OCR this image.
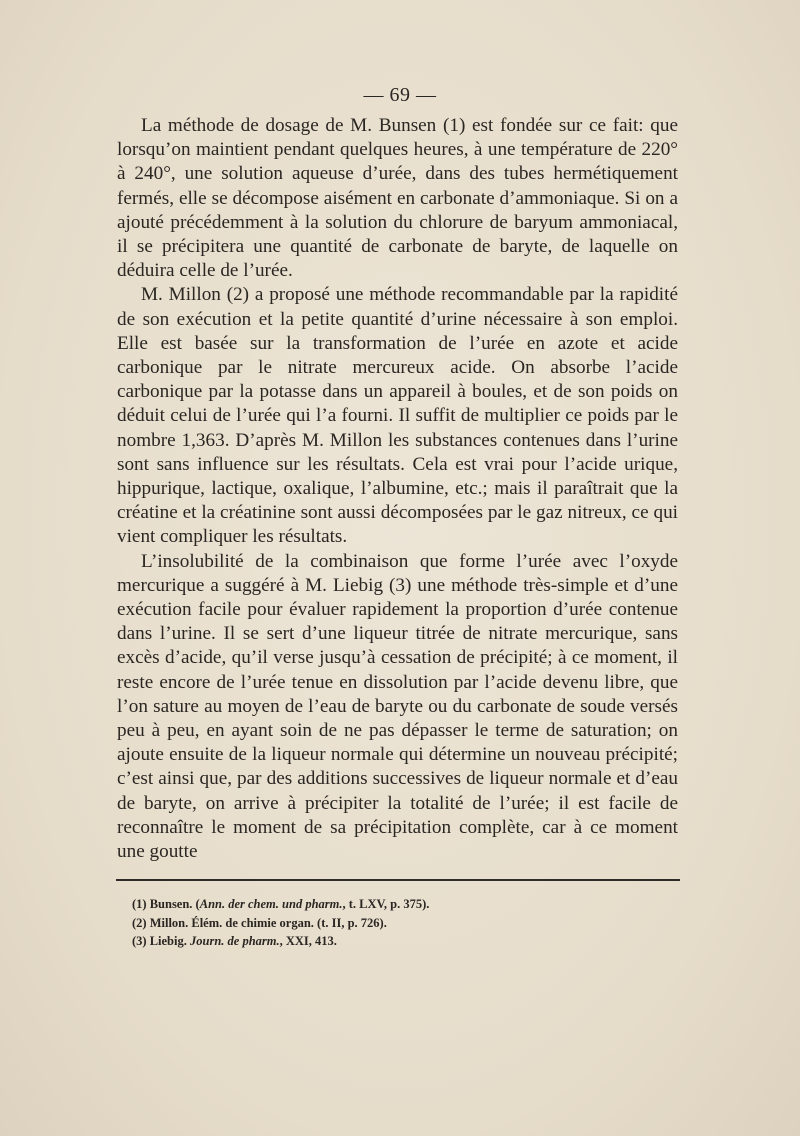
— 69 —

La méthode de dosage de M. Bunsen (1) est fondée sur ce fait: que lorsqu’on maintient pendant quelques heures, à une température de 220° à 240°, une solution aqueuse d’urée, dans des tubes hermétiquement fermés, elle se décompose aisément en carbonate d’ammoniaque. Si on a ajouté précédemment à la solution du chlorure de baryum ammoniacal, il se précipitera une quantité de carbonate de baryte, de laquelle on déduira celle de l’urée.

M. Millon (2) a proposé une méthode recommandable par la rapidité de son exécution et la petite quantité d’urine nécessaire à son emploi. Elle est basée sur la transformation de l’urée en azote et acide carbonique par le nitrate mercureux acide. On absorbe l’acide carbonique par la potasse dans un appareil à boules, et de son poids on déduit celui de l’urée qui l’a fourni. Il suffit de multiplier ce poids par le nombre 1,363. D’après M. Millon les substances contenues dans l’urine sont sans influence sur les résultats. Cela est vrai pour l’acide urique, hippurique, lactique, oxalique, l’albumine, etc.; mais il paraîtrait que la créatine et la créatinine sont aussi décomposées par le gaz nitreux, ce qui vient compliquer les résultats.

L’insolubilité de la combinaison que forme l’urée avec l’oxyde mercurique a suggéré à M. Liebig (3) une méthode très-simple et d’une exécution facile pour évaluer rapidement la proportion d’urée contenue dans l’urine. Il se sert d’une liqueur titrée de nitrate mercurique, sans excès d’acide, qu’il verse jusqu’à cessation de précipité; à ce moment, il reste encore de l’urée tenue en dissolution par l’acide devenu libre, que l’on sature au moyen de l’eau de baryte ou du carbonate de soude versés peu à peu, en ayant soin de ne pas dépasser le terme de saturation; on ajoute ensuite de la liqueur normale qui détermine un nouveau précipité; c’est ainsi que, par des additions successives de liqueur normale et d’eau de baryte, on arrive à précipiter la totalité de l’urée; il est facile de reconnaître le moment de sa précipitation complète, car à ce moment une goutte

(1) Bunsen. (Ann. der chem. und pharm., t. LXV, p. 375).
(2) Millon. Élém. de chimie organ. (t. II, p. 726).
(3) Liebig. Journ. de pharm., XXI, 413.
